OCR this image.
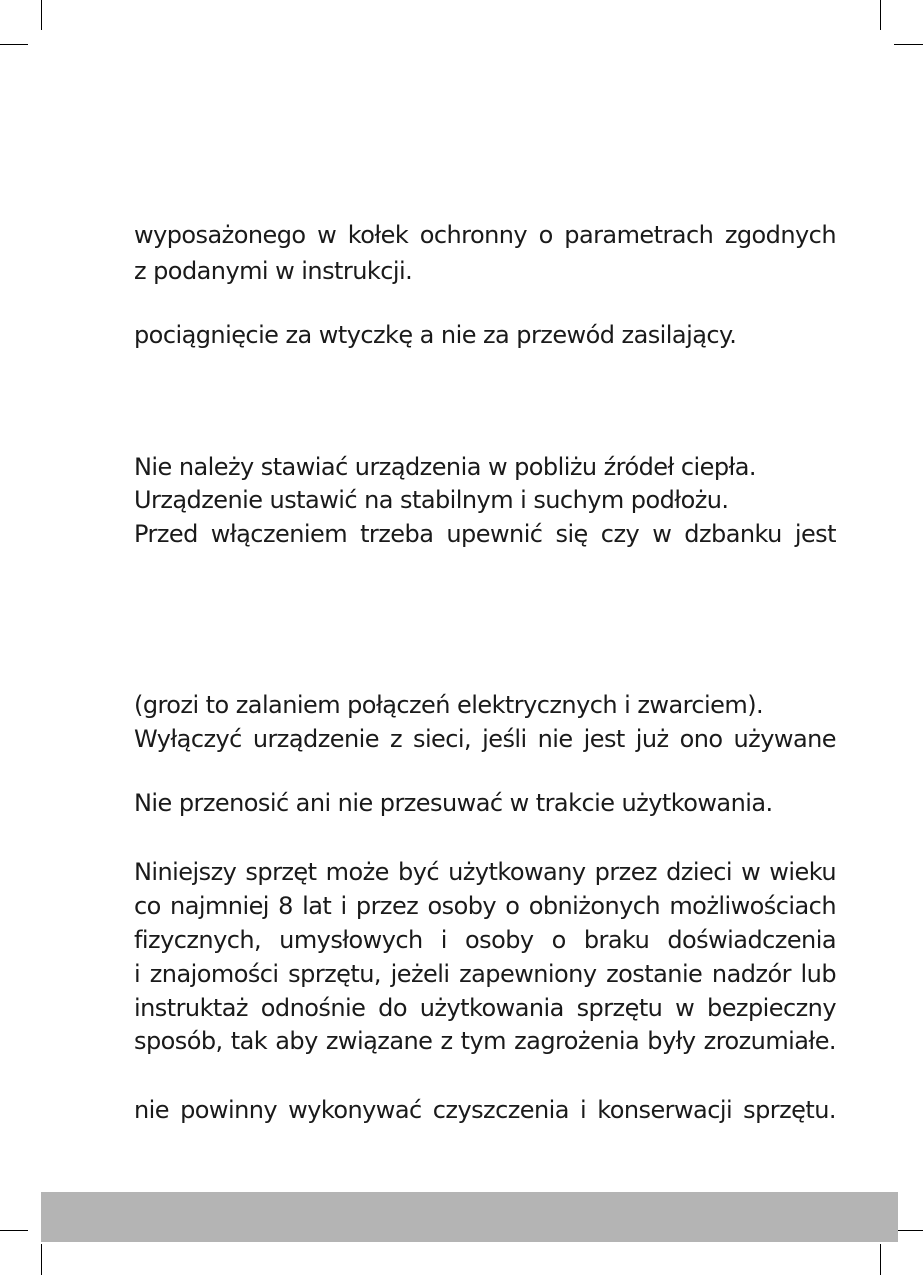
wyposażonego w kołek ochronny o parametrach zgodnych
z podanymi w instrukcji.
pociągnięcie za wtyczkę a nie za przewód zasilający.
Nie należy stawiać urządzenia w pobliżu źródeł ciepła.
Urządzenie ustawić na stabilnym i suchym podłożu.
Przed włączeniem trzeba upewnić się czy w dzbanku jest
(grozi to zalaniem połączeń elektrycznych i zwarciem).
Wyłączyć urządzenie z sieci, jeśli nie jest już ono używane
Nie przenosić ani nie przesuwać w trakcie użytkowania.
Niniejszy sprzęt może być użytkowany przez dzieci w wieku
co najmniej 8 lat i przez osoby o obniżonych możliwościach
fizycznych, umysłowych i osoby o braku doświadczenia
i znajomości sprzętu, jeżeli zapewniony zostanie nadzór lub
instruktaż odnośnie do użytkowania sprzętu w bezpieczny
sposób, tak aby związane z tym zagrożenia były zrozumiałe.
nie powinny wykonywać czyszczenia i konserwacji sprzętu.
